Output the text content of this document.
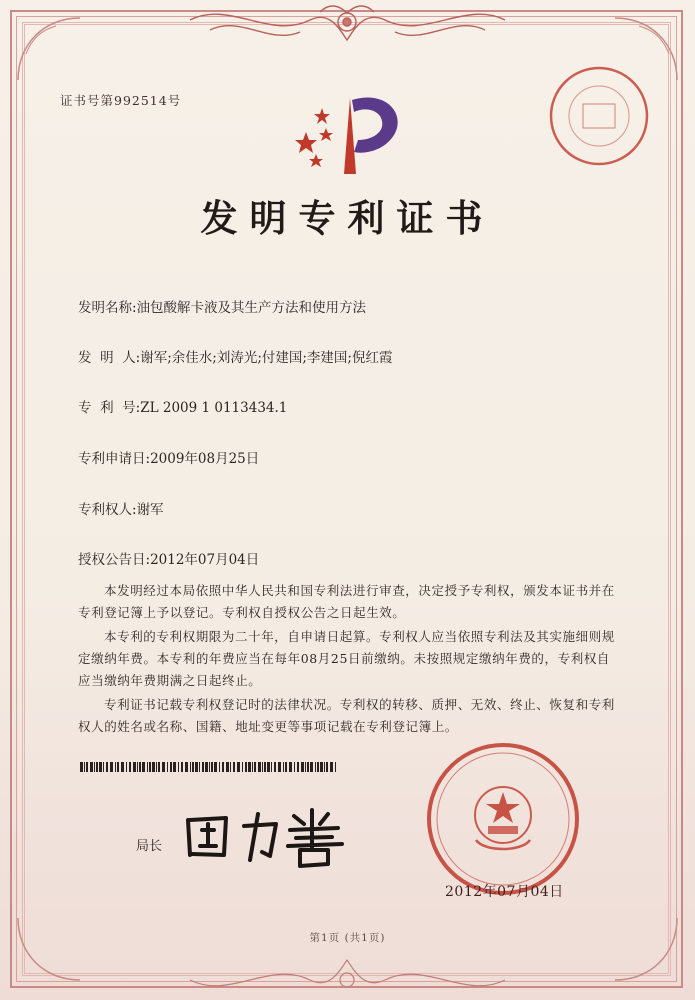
证书号第992514号
发明专利证书
发明名称:油包酸解卡液及其生产方法和使用方法
发  明  人:谢军;余佳水;刘涛光;付建国;李建国;倪红霞
专  利  号:ZL 2009 1 0113434.1
专利申请日:2009年08月25日
专利权人:谢军
授权公告日:2012年07月04日

本发明经过本局依照中华人民共和国专利法进行审查，决定授予专利权，颁发本证书并在专利登记簿上予以登记。专利权自授权公告之日起生效。

本专利的专利权期限为二十年，自申请日起算。专利权人应当依照专利法及其实施细则规定缴纳年费。本专利的年费应当在每年08月25日前缴纳。未按照规定缴纳年费的，专利权自应当缴纳年费期满之日起终止。

专利证书记载专利权登记时的法律状况。专利权的转移、质押、无效、终止、恢复和专利权人的姓名或名称、国籍、地址变更等事项记载在专利登记簿上。

局长
2012年07月04日
第1页 (共1页)
